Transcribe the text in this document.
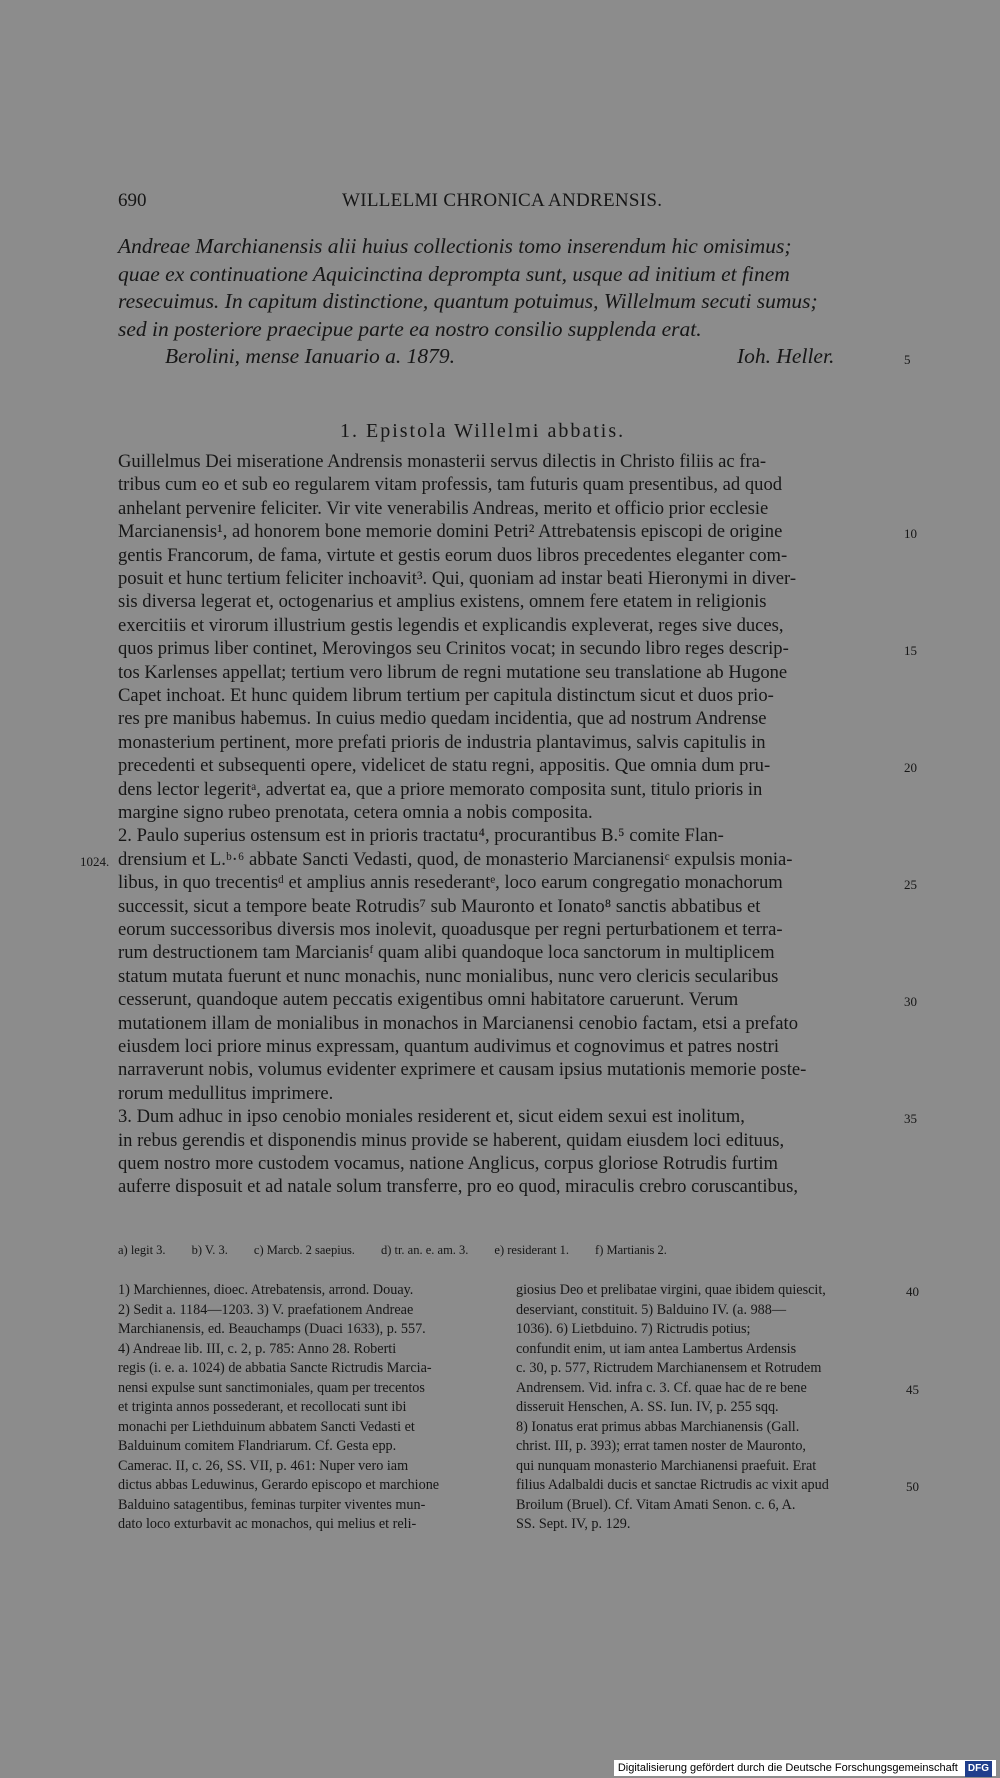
690	WILLELMI CHRONICA ANDRENSIS.
Andreae Marchianensis alii huius collectionis tomo inserendum hic omisimus;
quae ex continuatione Aquicinctina deprompta sunt, usque ad initium et finem
resecuimus. In capitum distinctione, quantum potuimus, Willelmum secuti sumus;
sed in posteriore praecipue parte ea nostro consilio supplenda erat.
Berolini, mense Ianuario a. 1879.	Ioh. Heller.	5
1. Epistola Willelmi abbatis.
Guillelmus Dei miseratione Andrensis monasterii servus dilectis in Christo filiis ac fra-
tribus cum eo et sub eo regularem vitam professis, tam futuris quam presentibus, ad quod
anhelant pervenire feliciter. Vir vite venerabilis Andreas, merito et officio prior ecclesie
Marcianensis¹, ad honorem bone memorie domini Petri² Attrebatensis episcopi de origine
gentis Francorum, de fama, virtute et gestis eorum duos libros precedentes eleganter com-
posuit et hunc tertium feliciter inchoavit³. Qui, quoniam ad instar beati Hieronymi in diver-
sis diversa legerat et, octogenarius et amplius existens, omnem fere etatem in religionis
exercitiis et virorum illustrium gestis legendis et explicandis expleverat, reges sive duces,
quos primus liber continet, Merovingos seu Crinitos vocat; in secundo libro reges descrip-
tos Karlenses appellat; tertium vero librum de regni mutatione seu translatione ab Hugone
Capet inchoat. Et hunc quidem librum tertium per capitula distinctum sicut et duos prio-
res pre manibus habemus. In cuius medio quedam incidentia, que ad nostrum Andrense
monasterium pertinent, more prefati prioris de industria plantavimus, salvis capitulis in
precedenti et subsequenti opere, videlicet de statu regni, appositis. Que omnia dum pru-
dens lector legeritᵃ, advertat ea, que a priore memorato composita sunt, titulo prioris in
margine signo rubeo prenotata, cetera omnia a nobis composita.
2. Paulo superius ostensum est in prioris tractatu⁴, procurantibus B.⁵ comite Flan-
drensium et L.ᵇ·⁶ abbate Sancti Vedasti, quod, de monasterio Marcianensiᶜ expulsis monia-
libus, in quo trecentisᵈ et amplius annis resederantᵉ, loco earum congregatio monachorum
successit, sicut a tempore beate Rotrudis⁷ sub Mauronto et Ionato⁸ sanctis abbatibus et
eorum successoribus diversis mos inolevit, quoadusque per regni perturbationem et terra-
rum destructionem tam Marcianisᶠ quam alibi quandoque loca sanctorum in multiplicem
statum mutata fuerunt et nunc monachis, nunc monialibus, nunc vero clericis secularibus
cesserunt, quandoque autem peccatis exigentibus omni habitatore caruerunt. Verum
mutationem illam de monialibus in monachos in Marcianensi cenobio factam, etsi a prefato
eiusdem loci priore minus expressam, quantum audivimus et cognovimus et patres nostri
narraverunt nobis, volumus evidenter exprimere et causam ipsius mutationis memorie poste-
rorum medullitus imprimere.
3. Dum adhuc in ipso cenobio moniales residerent et, sicut eidem sexui est inolitum,
in rebus gerendis et disponendis minus provide se haberent, quidam eiusdem loci edituus,
quem nostro more custodem vocamus, natione Anglicus, corpus gloriose Rotrudis furtim
auferre disposuit et ad natale solum transferre, pro eo quod, miraculis crebro coruscantibus,
10
15
20
25
30
35
1024.
a) legit 3. b) V. 3. c) Marcb. 2 saepius. d) tr. an. e. am. 3. e) residerant 1. f) Martianis 2.
1) Marchiennes, dioec. Atrebatensis, arrond. Douay.
2) Sedit a. 1184—1203. 3) V. praefationem Andreae
Marchianensis, ed. Beauchamps (Duaci 1633), p. 557.
4) Andreae lib. III, c. 2, p. 785: Anno 28. Roberti
regis (i. e. a. 1024) de abbatia Sancte Rictrudis Marcia-
nensi expulse sunt sanctimoniales, quam per trecentos
et triginta annos possederant, et recollocati sunt ibi
monachi per Liethduinum abbatem Sancti Vedasti et
Balduinum comitem Flandriarum. Cf. Gesta epp.
Camerac. II, c. 26, SS. VII, p. 461: Nuper vero iam
dictus abbas Leduwinus, Gerardo episcopo et marchione
Balduino satagentibus, feminas turpiter viventes mun-
dato loco exturbavit ac monachos, qui melius et reli-
giosius Deo et prelibatae virgini, quae ibidem quiescit,
deserviant, constituit. 5) Balduino IV. (a. 988—
1036). 6) Lietbduino. 7) Rictrudis potius;
confundit enim, ut iam antea Lambertus Ardensis
c. 30, p. 577, Rictrudem Marchianensem et Rotrudem
Andrensem. Vid. infra c. 3. Cf. quae hac de re bene
disseruit Henschen, A. SS. Iun. IV, p. 255 sqq.
8) Ionatus erat primus abbas Marchianensis (Gall.
christ. III, p. 393); errat tamen noster de Mauronto,
qui nunquam monasterio Marchianensi praefuit. Erat
filius Adalbaldi ducis et sanctae Rictrudis ac vixit apud
Broilum (Bruel). Cf. Vitam Amati Senon. c. 6, A.
SS. Sept. IV, p. 129.
40
45
50
Digitalisierung gefördert durch die Deutsche Forschungsgemeinschaft DFG
